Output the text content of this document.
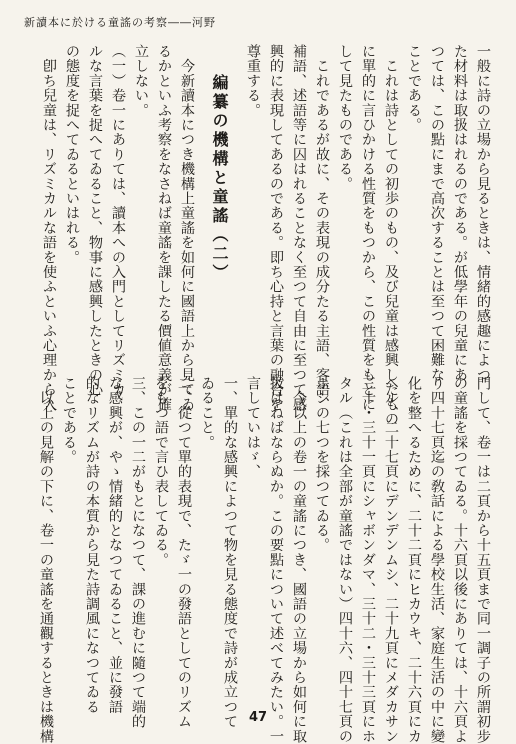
新讀本に於ける童謠の考察――河野
一般に詩の立場から見るときは、情緒的感趣によつ
た材料は取扱はれるのである。が低學年の兒童にあ
つては、この點にまで高次することは至つて困難な
ことである。
　これは詩としての初歩のもの、及び兒童は感興したもの
に單的に言ひかける性質をもつから、この性質をもとに
して見たものである。
　これであるが故に、その表現の成分たる主語、客語、
補語、述語等に囚はれることなく至つて自由に至つて感
興的に表現してあるのである。即ち心持と言葉の融合を
尊重する。
編纂の機構と童謠（二）
　今新讀本につき機構上童謠を如何に國語上から見てゐ
るかといふ考察をなさねば童謠を課したる價値意義が確
立しない。
（一）卷一にありては、讀本への入門としてリズミカ
ルな言葉を捉へてゐること、物事に感興したときの心
の態度を捉へてゐるといはれる。
　卽ち兒童は、リズミカルな語を使ふといふ心理から入
門して、卷一は二頁から十五頁まで同一調子の所謂初步
の童謠を採つてゐる。十六頁以後にありては、十六頁よ
り四十七頁迄の敎話による學校生活、家庭生活の中に變
化を整へるために、二十二頁にヒカウキ、二十六頁にカ
ヘル、二十七頁にデンデンムシ、二十九頁にメダカサン
三十・三十一頁にシャボンダマ、三十二・三十三頁にホ
タル（これは全部が童謠ではない）四十六、四十七頁の
ホシの七つを採つてゐる。
　今以上の卷一の童謠につき、國語の立場から如何に取
扱はねばならぬか。この要點について述べてみたい。一
言していはゞ、
一、單的な感興によつて物を見る態度で詩が成立つて
ゐること。
二、從つて單的表現で、たゞ一の發語としてのリズム
をもつ語で言ひ表してゐる。
三、この一二がもとになつて、課の進むに隨つて端的
な感興が、やゝ情緒的となつてゐること、並に發語
的なリズムが詩の本質から見た詩調風になつてゐる
ことである。
　以上の見解の下に、卷一の童謠を通觀するときは機構	47
